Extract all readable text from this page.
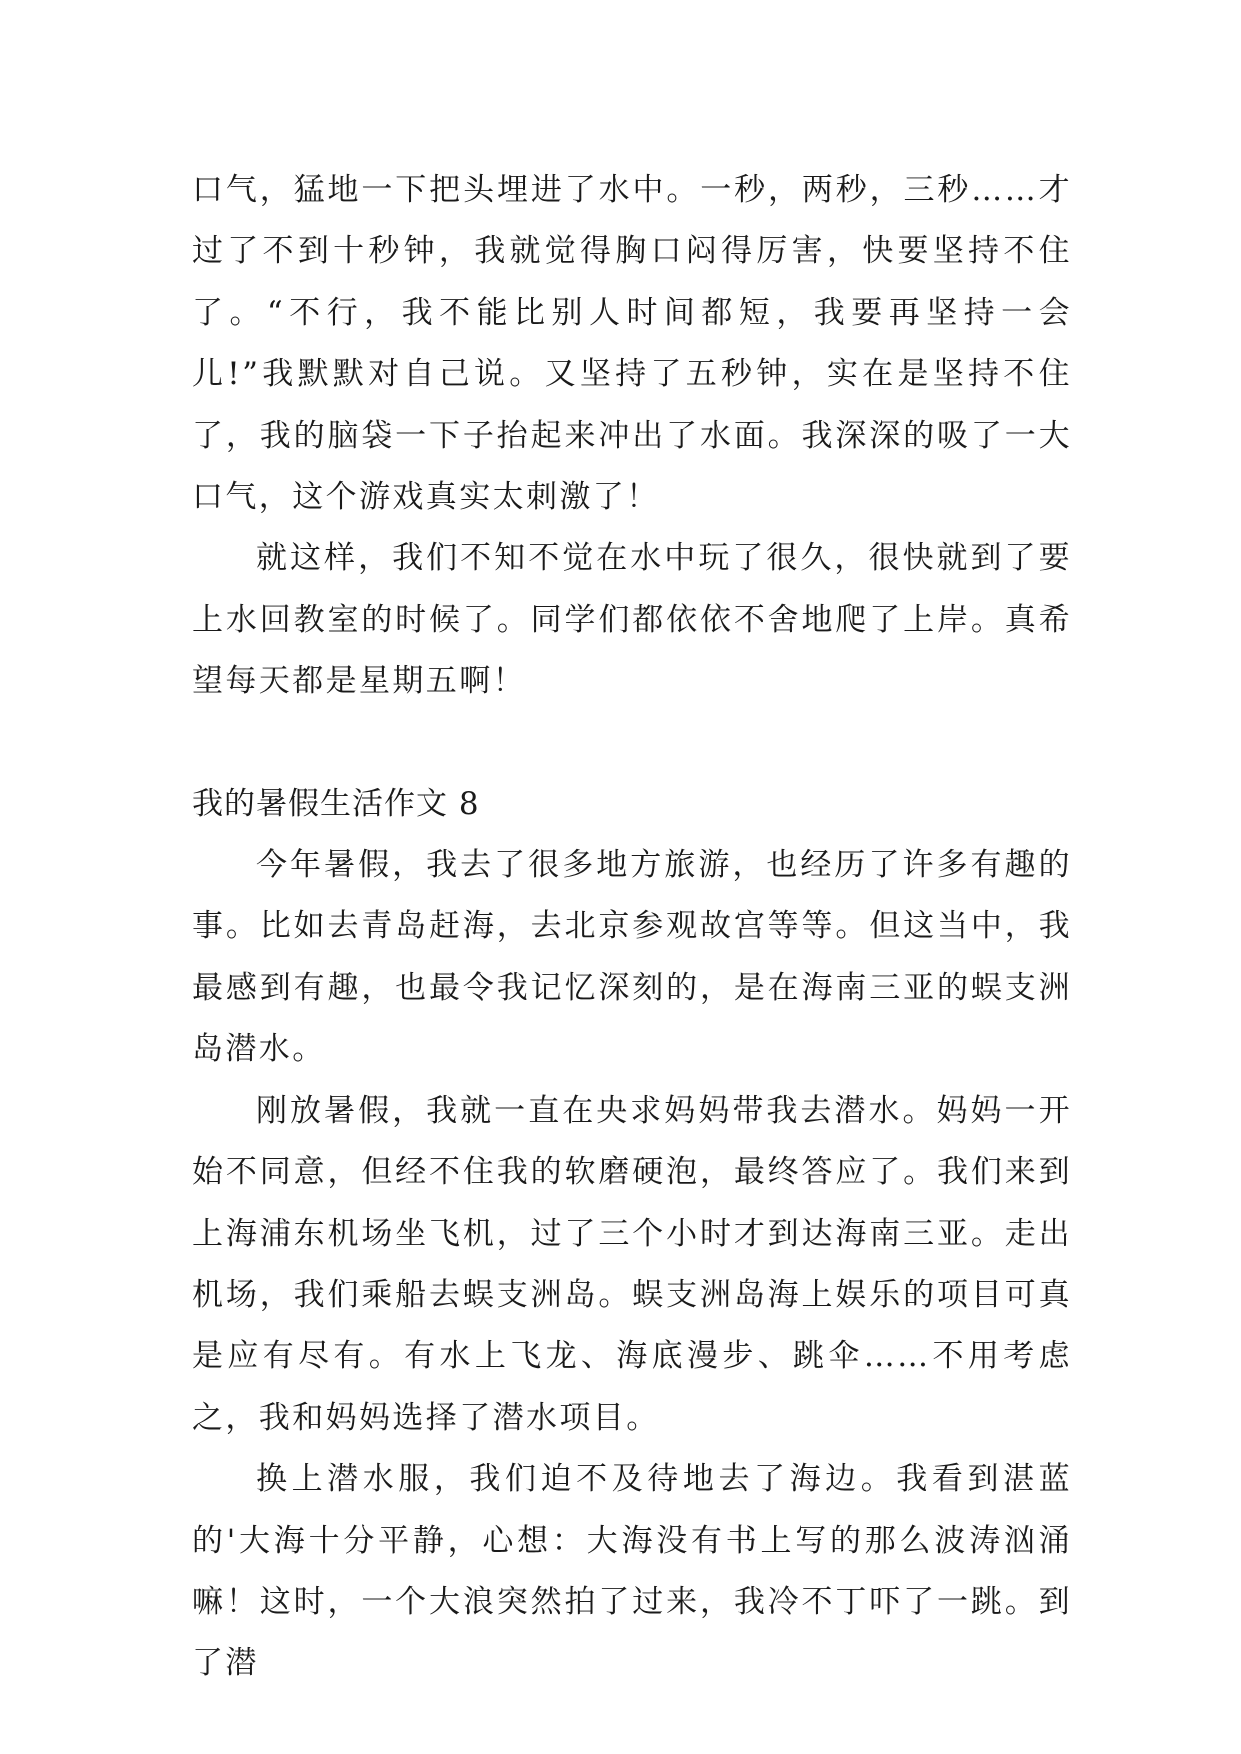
口气，猛地一下把头埋进了水中。一秒，两秒，三秒……才过了不到十秒钟，我就觉得胸口闷得厉害，快要坚持不住了。“不行，我不能比别人时间都短，我要再坚持一会儿!”我默默对自己说。又坚持了五秒钟，实在是坚持不住了，我的脑袋一下子抬起来冲出了水面。我深深的吸了一大口气，这个游戏真实太刺激了！

就这样，我们不知不觉在水中玩了很久，很快就到了要上水回教室的时候了。同学们都依依不舍地爬了上岸。真希望每天都是星期五啊！

我的暑假生活作文 8

今年暑假，我去了很多地方旅游，也经历了许多有趣的事。比如去青岛赶海，去北京参观故宫等等。但这当中，我最感到有趣，也最令我记忆深刻的，是在海南三亚的蜈支洲岛潜水。

刚放暑假，我就一直在央求妈妈带我去潜水。妈妈一开始不同意，但经不住我的软磨硬泡，最终答应了。我们来到上海浦东机场坐飞机，过了三个小时才到达海南三亚。走出机场，我们乘船去蜈支洲岛。蜈支洲岛海上娱乐的项目可真是应有尽有。有水上飞龙、海底漫步、跳伞……不用考虑之，我和妈妈选择了潜水项目。

换上潜水服，我们迫不及待地去了海边。我看到湛蓝的'大海十分平静，心想：大海没有书上写的那么波涛汹涌嘛！这时，一个大浪突然拍了过来，我冷不丁吓了一跳。到了潜
